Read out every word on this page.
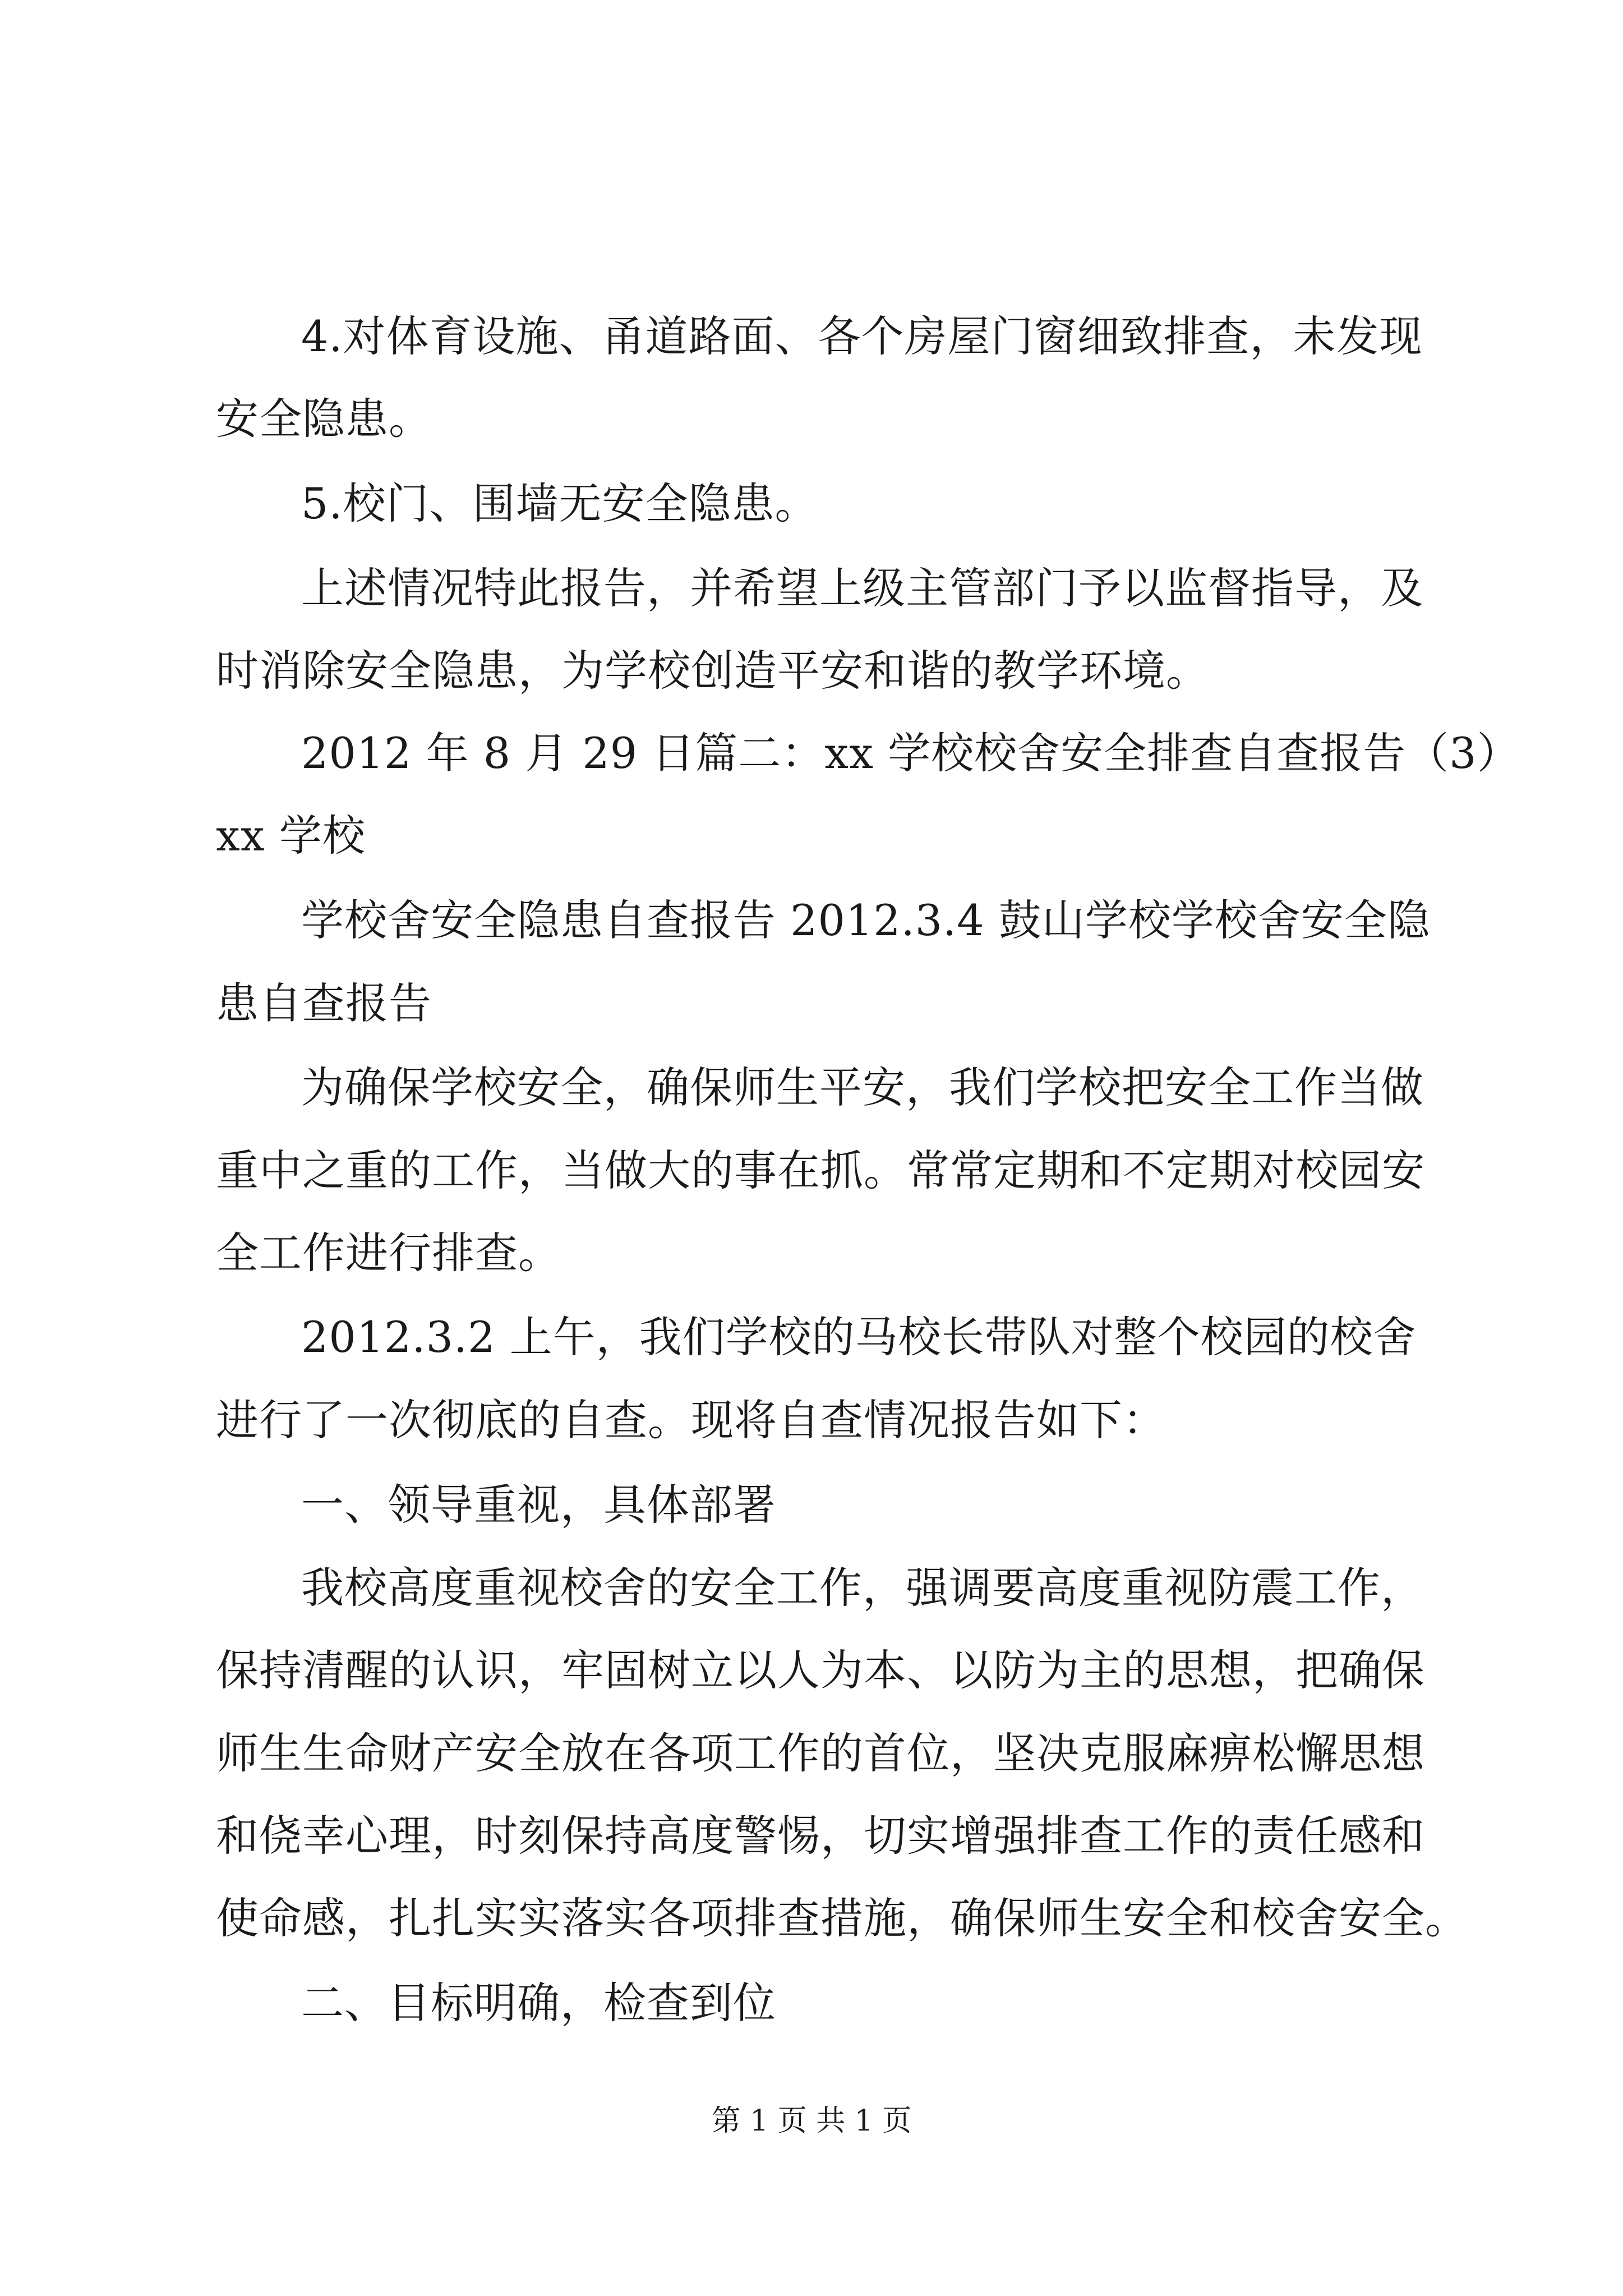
4.对体育设施、甬道路面、各个房屋门窗细致排查，未发现
安全隐患。
5.校门、围墙无安全隐患。
上述情况特此报告，并希望上级主管部门予以监督指导，及
时消除安全隐患，为学校创造平安和谐的教学环境。
2012 年 8 月 29 日篇二：xx 学校校舍安全排查自查报告（3）
xx 学校
学校舍安全隐患自查报告 2012.3.4 鼓山学校学校舍安全隐
患自查报告
为确保学校安全，确保师生平安，我们学校把安全工作当做
重中之重的工作，当做大的事在抓。常常定期和不定期对校园安
全工作进行排查。
2012.3.2 上午，我们学校的马校长带队对整个校园的校舍
进行了一次彻底的自查。现将自查情况报告如下：
一、领导重视，具体部署
我校高度重视校舍的安全工作，强调要高度重视防震工作，
保持清醒的认识，牢固树立以人为本、以防为主的思想，把确保
师生生命财产安全放在各项工作的首位，坚决克服麻痹松懈思想
和侥幸心理，时刻保持高度警惕，切实增强排查工作的责任感和
使命感，扎扎实实落实各项排查措施，确保师生安全和校舍安全。
二、目标明确，检查到位
第 1 页 共 1 页
